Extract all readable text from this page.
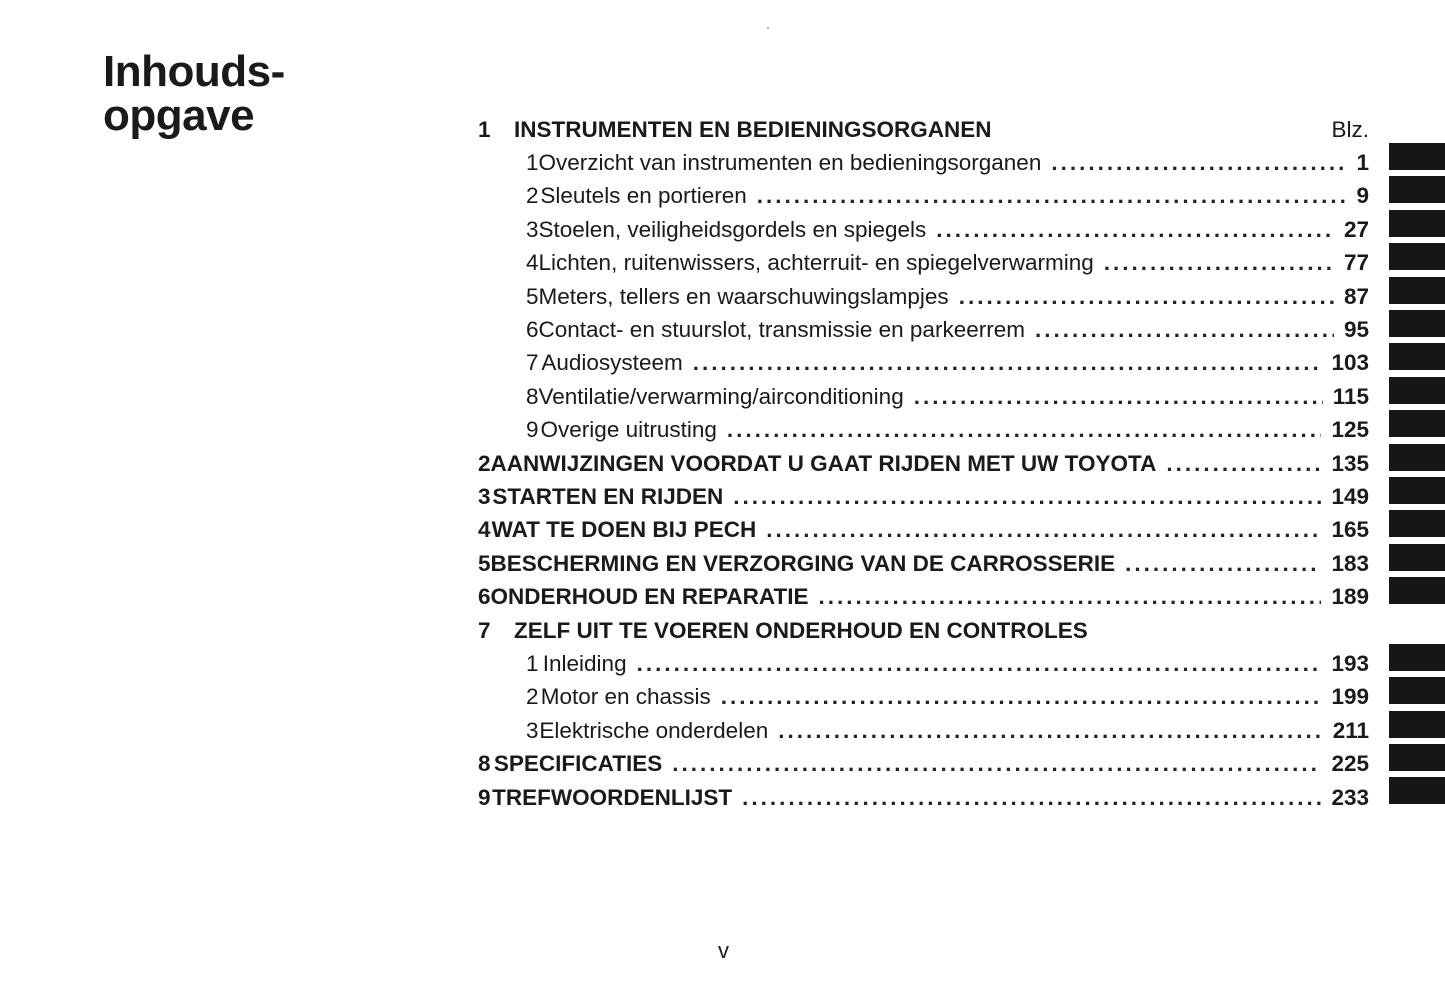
Inhouds-
opgave	1	INSTRUMENTEN EN BEDIENINGSORGANEN	Blz.
1 Overzicht van instrumenten en bedieningsorganen .....	1
2 Sleutels en portieren .....	9
3 Stoelen, veiligheidsgordels en spiegels .....	27
4 Lichten, ruitenwissers, achterruit- en spiegelverwarming .....	77
5 Meters, tellers en waarschuwingslampjes .....	87
6 Contact- en stuurslot, transmissie en parkeerrem .....	95
7 Audiosysteem .....	103
8 Ventilatie/verwarming/airconditioning .....	115
9 Overige uitrusting .....	125
2 AANWIJZINGEN VOORDAT U GAAT RIJDEN MET UW TOYOTA .....	135
3 STARTEN EN RIJDEN .....	149
4 WAT TE DOEN BIJ PECH .....	165
5 BESCHERMING EN VERZORGING VAN DE CARROSSERIE .....	183
6 ONDERHOUD EN REPARATIE .....	189
7	ZELF UIT TE VOEREN ONDERHOUD EN CONTROLES
1 Inleiding .....	193
2 Motor en chassis .....	199
3 Elektrische onderdelen .....	211
8 SPECIFICATIES .....	225
9 TREFWOORDENLIJST .....	233
v
